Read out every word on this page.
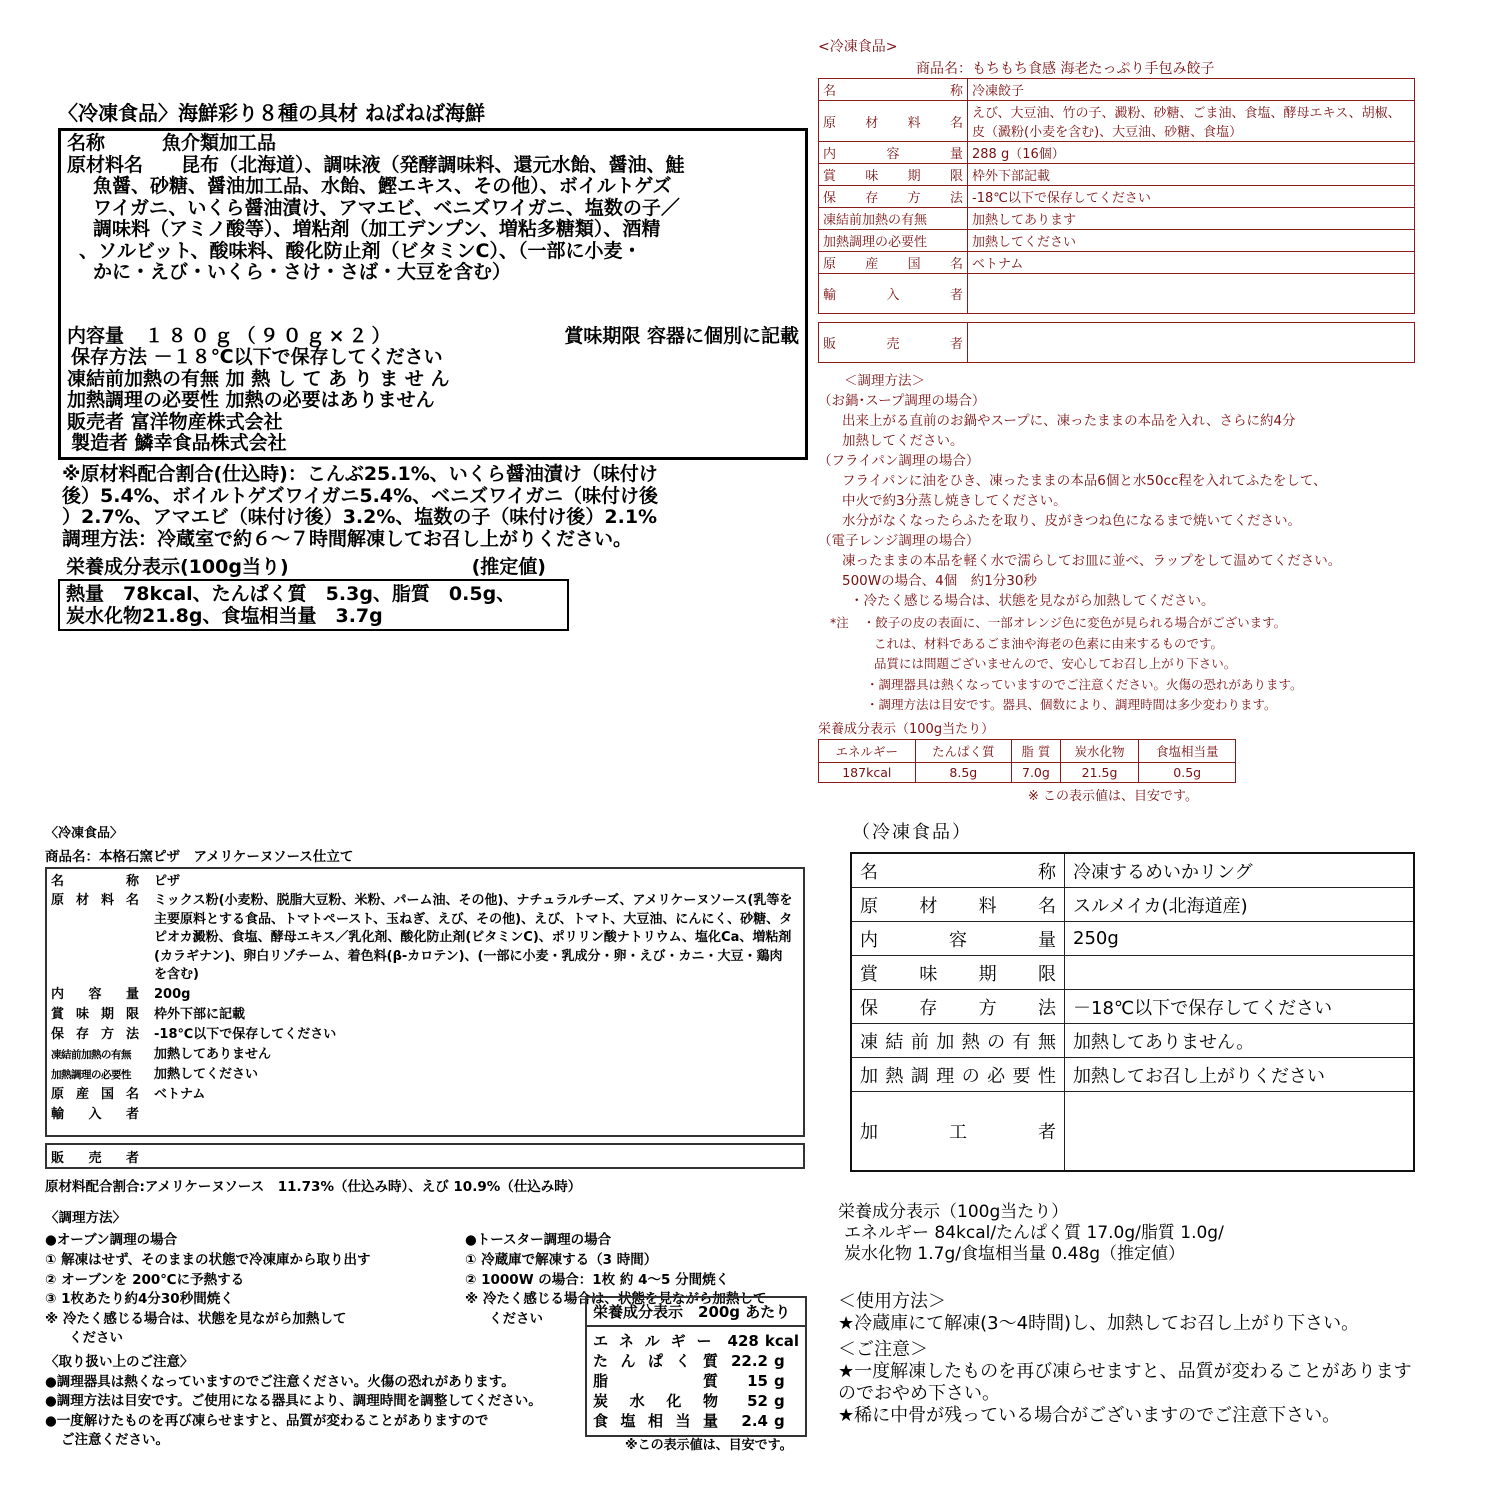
〈冷凍食品〉海鮮彩り８種の具材 ねばねば海鮮
名称	魚介類加工品
原材料名	昆布（北海道）、調味液（発酵調味料、還元水飴、醤油、鮭
魚醤、砂糖、醤油加工品、水飴、鰹エキス、その他）、ボイルトゲズ
ワイガニ、いくら醤油漬け、アマエビ、ベニズワイガニ、塩数の子／
調味料（アミノ酸等）、増粘剤（加工デンプン、増粘多糖類）、酒精
、ソルビット、酸味料、酸化防止剤（ビタミンC）、（一部に小麦・
かに・えび・いくら・さけ・さば・大豆を含む）
内容量 １８０ｇ（９０ｇ×２）	賞味期限 容器に個別に記載
保存方法 －１８℃以下で保存してください
凍結前加熱の有無 加 熱 し て あ り ま せ ん
加熱調理の必要性 加熱の必要はありません
販売者 富洋物産株式会社
製造者 鱗幸食品株式会社
※原材料配合割合(仕込時)：こんぶ25.1%、いくら醤油漬け（味付け
後）5.4%、ボイルトゲズワイガニ5.4%、ベニズワイガニ（味付け後
）2.7%、アマエビ（味付け後）3.2%、塩数の子（味付け後）2.1%
調理方法：冷蔵室で約６～７時間解凍してお召し上がりください。
栄養成分表示(100g当り)	(推定値)
熱量　78kcal、たんぱく質　5.3g、脂質　0.5g、
炭水化物21.8g、食塩相当量　3.7g
<冷凍食品>
商品名：もちもち食感 海老たっぷり手包み餃子
名 称	冷凍餃子

原 材 料 名	えび、大豆油、竹の子、澱粉、砂糖、ごま油、食塩、酵母エキス、胡椒、皮（澱粉(小麦を含む)、大豆油、砂糖、食塩）

内 容 量	288 g（16個）

賞 味 期 限	枠外下部記載

保 存 方 法	-18℃以下で保存してください

凍結前加熱の有無	加熱してあります

加熱調理の必要性	加熱してください

原 産 国 名	ベトナム

輸 入 者	

販	売	者

＜調理方法＞
（お鍋･スープ調理の場合）
出来上がる直前のお鍋やスープに、凍ったままの本品を入れ、さらに約4分
加熱してください。
（フライパン調理の場合）
フライパンに油をひき、凍ったままの本品6個と水50cc程を入れてふたをして、
中火で約3分蒸し焼きしてください。
水分がなくなったらふたを取り、皮がきつね色になるまで焼いてください。
（電子レンジ調理の場合）
凍ったままの本品を軽く水で濡らしてお皿に並べ、ラップをして温めてください。
500Wの場合、4個　約1分30秒
・冷たく感じる場合は、状態を見ながら加熱してください。
*注 ・餃子の皮の表面に、一部オレンジ色に変色が見られる場合がございます。
これは、材料であるごま油や海老の色素に由来するものです。
品質には問題ございませんので、安心してお召し上がり下さい。
・調理器具は熱くなっていますのでご注意ください。火傷の恐れがあります。
・調理方法は目安です。器具、個数により、調理時間は多少変わります。
栄養成分表示（100g当たり）
エネルギー	たんぱく質	脂 質	炭水化物	食塩相当量
187kcal	8.5g	7.0g	21.5g	0.5g
※ この表示値は、目安です。
〈冷凍食品〉
商品名：本格石窯ピザ　アメリケーヌソース仕立て
名	称 ピザ
原 材 料 名 ミックス粉(小麦粉、脱脂大豆粉、米粉、パーム油、その他)、ナチュラルチーズ、アメリケーヌソース(乳等を主要原料とする食品、トマトペースト、玉ねぎ、えび、その他)、えび、トマト、大豆油、にんにく、砂糖、タピオカ澱粉、食塩、酵母エキス／乳化剤、酸化防止剤(ビタミンC)、ポリリン酸ナトリウム、塩化Ca、増粘剤(カラギナン)、卵白リゾチーム、着色料(β-カロテン)、(一部に小麦・乳成分・卵・えび・カニ・大豆・鶏肉を含む)
内 容 量 200g
賞 味 期 限 枠外下部に記載
保 存 方 法 -18℃以下で保存してください
凍結前加熱の有無	加熱してありません
加熱調理の必要性	加熱してください
原 産 国 名 ベトナム
輸 入 者
販 売 者
原材料配合割合:アメリケーヌソース　11.73%（仕込み時）、えび 10.9%（仕込み時）
〈調理方法〉
●オーブン調理の場合
① 解凍はせず、そのままの状態で冷凍庫から取り出す
② オーブンを 200℃に予熱する
③ 1枚あたり約4分30秒間焼く
※ 冷たく感じる場合は、状態を見ながら加熱して
ください
●トースター調理の場合
① 冷蔵庫で解凍する（3 時間）
② 1000W の場合：1枚 約 4～5 分間焼く
※ 冷たく感じる場合は、状態を見ながら加熱して
ください
〈取り扱い上のご注意〉
●調理器具は熱くなっていますのでご注意ください。火傷の恐れがあります。
●調理方法は目安です。ご使用になる器具により、調理時間を調整してください。
●一度解けたものを再び凍らせますと、品質が変わることがありますので
ご注意ください。
栄養成分表示　200g あたり
エ ネ ル ギ ー	428 kcal
た ん ぱ く 質 22.2 g
脂	質	15 g
炭 水 化 物	52 g
食 塩 相 当 量	2.4 g
※この表示値は、目安です。
（冷凍食品）
名 称	冷凍するめいかリング

原 材 料 名	スルメイカ(北海道産)

内 容 量	250g

賞 味 期 限	

保 存 方 法	－18℃以下で保存してください

凍 結 前 加 熱 の 有 無	加熱してありません。

加 熱 調 理 の 必 要 性	加熱してお召し上がりください

加 工 者	

栄養成分表示（100g当たり）
エネルギー 84kcal/たんぱく質 17.0g/脂質 1.0g/
炭水化物 1.7g/食塩相当量 0.48g（推定値）
＜使用方法＞
★冷蔵庫にて解凍(3～4時間)し、加熱してお召し上がり下さい。
＜ご注意＞
★一度解凍したものを再び凍らせますと、品質が変わることがあります
のでおやめ下さい。
★稀に中骨が残っている場合がございますのでご注意下さい。
